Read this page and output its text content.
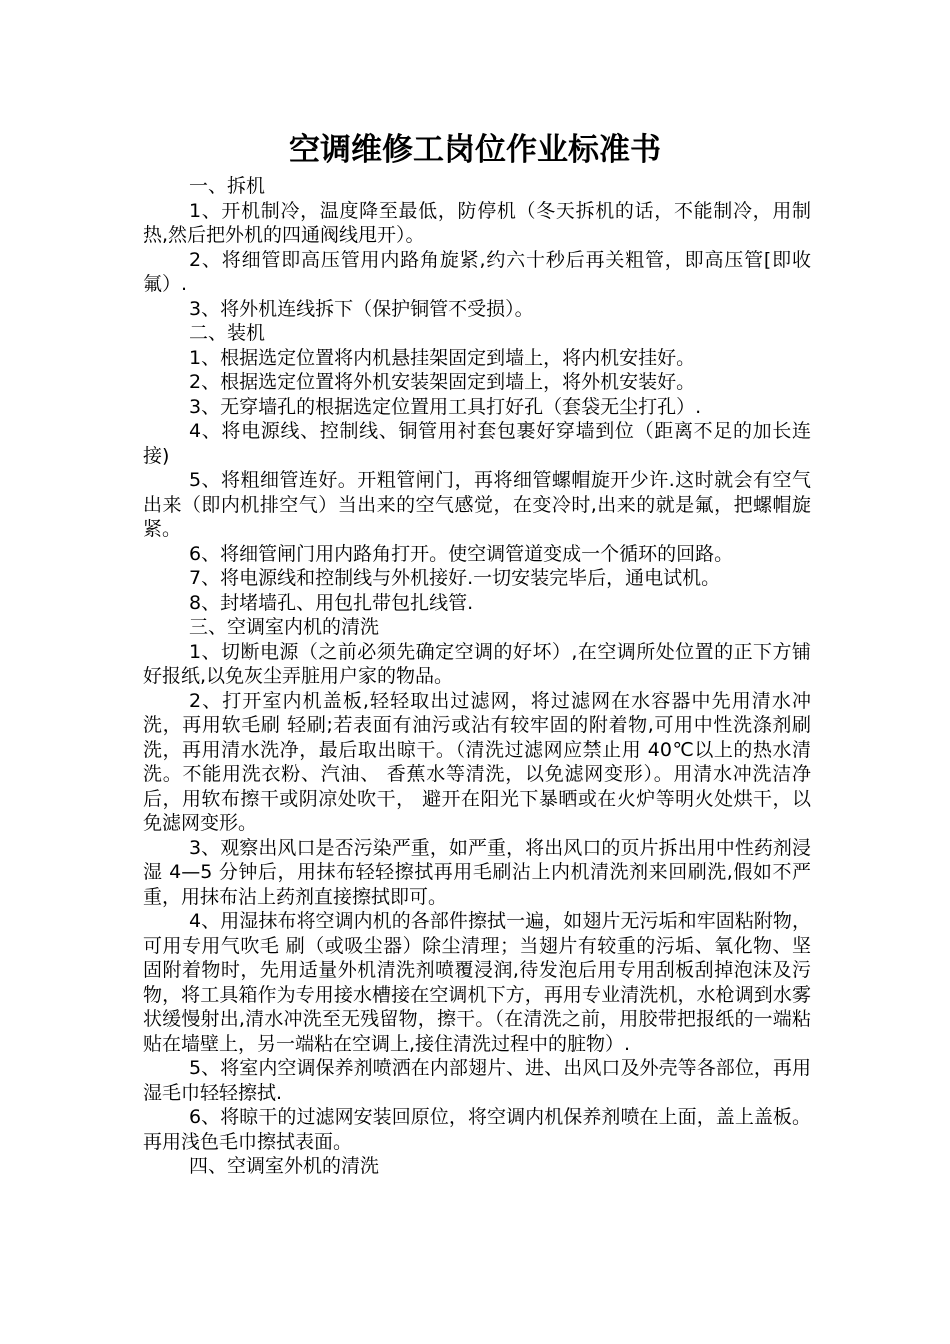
空调维修工岗位作业标准书

一、拆机

1、开机制冷，温度降至最低，防停机（冬天拆机的话，不能制冷，用制热,然后把外机的四通阀线甩开）。

2、将细管即高压管用内路角旋紧,约六十秒后再关粗管，即高压管[即收氟）.

3、将外机连线拆下（保护铜管不受损）。

二、装机

1、根据选定位置将内机悬挂架固定到墙上，将内机安挂好。

2、根据选定位置将外机安装架固定到墙上，将外机安装好。

3、无穿墙孔的根据选定位置用工具打好孔（套袋无尘打孔）.

4、将电源线、控制线、铜管用衬套包裹好穿墙到位（距离不足的加长连接)

5、将粗细管连好。开粗管闸门，再将细管螺帽旋开少许.这时就会有空气出来（即内机排空气）当出来的空气感觉，在变冷时,出来的就是氟，把螺帽旋紧。

6、将细管闸门用内路角打开。使空调管道变成一个循环的回路。

7、将电源线和控制线与外机接好.一切安装完毕后，通电试机。

8、封堵墙孔、用包扎带包扎线管.

三、空调室内机的清洗

1、切断电源（之前必须先确定空调的好坏）,在空调所处位置的正下方铺好报纸,以免灰尘弄脏用户家的物品。

2、打开室内机盖板,轻轻取出过滤网，将过滤网在水容器中先用清水冲洗，再用软毛刷 轻刷;若表面有油污或沾有较牢固的附着物,可用中性洗涤剂刷洗，再用清水洗净，最后取出晾干。（清洗过滤网应禁止用 40℃以上的热水清洗。不能用洗衣粉、汽油、 香蕉水等清洗，以免滤网变形）。用清水冲洗洁净后，用软布擦干或阴凉处吹干， 避开在阳光下暴晒或在火炉等明火处烘干，以免滤网变形。

3、观察出风口是否污染严重，如严重，将出风口的页片拆出用中性药剂浸湿 4—5 分钟后，用抹布轻轻擦拭再用毛刷沾上内机清洗剂来回刷洗,假如不严重，用抹布沾上药剂直接擦拭即可。

4、用湿抹布将空调内机的各部件擦拭一遍，如翅片无污垢和牢固粘附物，可用专用气吹毛 刷（或吸尘器）除尘清理；当翅片有较重的污垢、氧化物、坚固附着物时，先用适量外机清洗剂喷覆浸润,待发泡后用专用刮板刮掉泡沫及污物，将工具箱作为专用接水槽接在空调机下方，再用专业清洗机，水枪调到水雾状缓慢射出,清水冲洗至无残留物，擦干。（在清洗之前，用胶带把报纸的一端粘贴在墙壁上，另一端粘在空调上,接住清洗过程中的脏物）.

5、将室内空调保养剂喷洒在内部翅片、进、出风口及外壳等各部位，再用湿毛巾轻轻擦拭.

6、将晾干的过滤网安装回原位，将空调内机保养剂喷在上面，盖上盖板。再用浅色毛巾擦拭表面。

四、空调室外机的清洗
